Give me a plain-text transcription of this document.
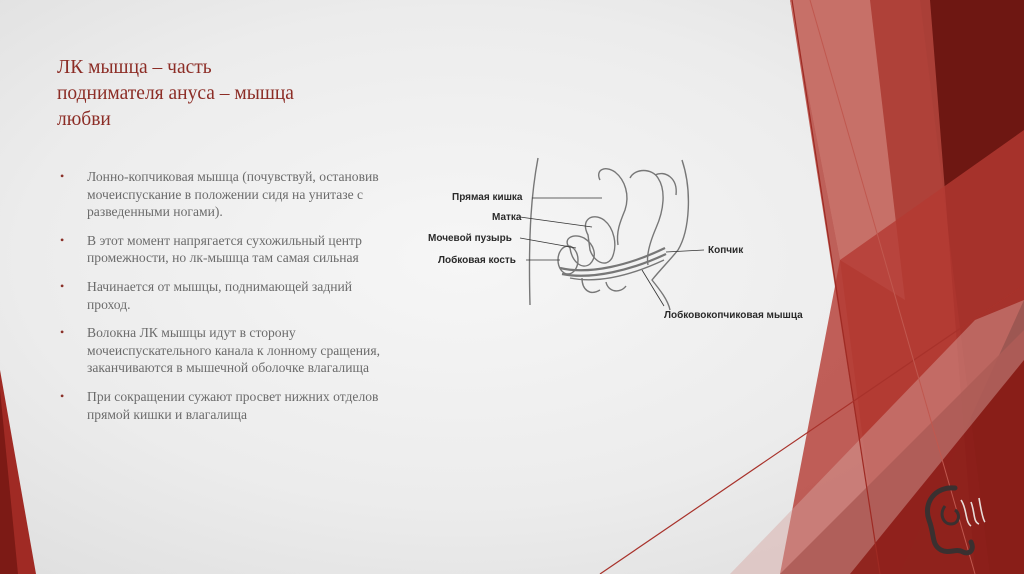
ЛК мышца – часть
поднимателя ануса – мышца
любви
• Лонно-копчиковая мышца (почувствуй, остановив мочеиспускание в положении сидя на унитазе с разведенными ногами).
• В этот момент напрягается сухожильный центр промежности, но лк-мышца там самая сильная
• Начинается от мышцы, поднимающей задний проход.
• Волокна ЛК мышцы идут в сторону мочеиспускательного канала к лонному сращения, заканчиваются в мышечной оболочке влагалища
• При сокращении сужают просвет нижних отделов прямой кишки и влагалища
Прямая кишка
Матка
Мочевой пузырь
Лобковая кость
Копчик
Лобковокопчиковая мышца
